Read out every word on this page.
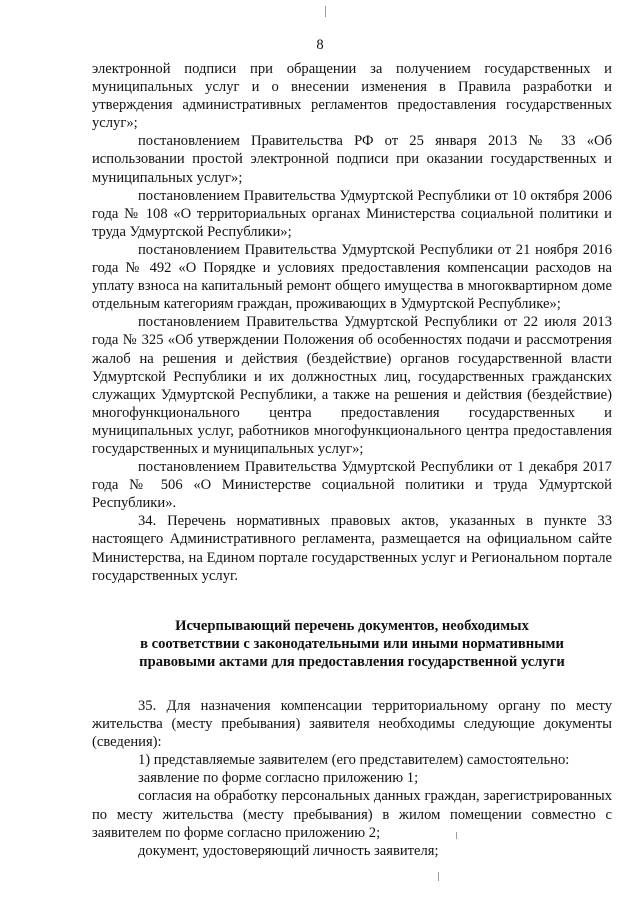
8

электронной подписи при обращении за получением государственных и муниципальных услуг и о внесении изменения в Правила разработки и утверждения административных регламентов предоставления государственных услуг»;

постановлением Правительства РФ от 25 января 2013 № 33 «Об использовании простой электронной подписи при оказании государственных и муниципальных услуг»;

постановлением Правительства Удмуртской Республики от 10 октября 2006 года № 108 «О территориальных органах Министерства социальной политики и труда Удмуртской Республики»;

постановлением Правительства Удмуртской Республики от 21 ноября 2016 года № 492 «О Порядке и условиях предоставления компенсации расходов на уплату взноса на капитальный ремонт общего имущества в многоквартирном доме отдельным категориям граждан, проживающих в Удмуртской Республике»;

постановлением Правительства Удмуртской Республики от 22 июля 2013 года № 325 «Об утверждении Положения об особенностях подачи и рассмотрения жалоб на решения и действия (бездействие) органов государственной власти Удмуртской Республики и их должностных лиц, государственных гражданских служащих Удмуртской Республики, а также на решения и действия (бездействие) многофункционального центра предоставления государственных и муниципальных услуг, работников многофункционального центра предоставления государственных и муниципальных услуг»;

постановлением Правительства Удмуртской Республики от 1 декабря 2017 года № 506 «О Министерстве социальной политики и труда Удмуртской Республики».

34. Перечень нормативных правовых актов, указанных в пункте 33 настоящего Административного регламента, размещается на официальном сайте Министерства, на Едином портале государственных услуг и Региональном портале государственных услуг.

Исчерпывающий перечень документов, необходимых

в соответствии с законодательными или иными нормативными

правовыми актами для предоставления государственной услуги

35. Для назначения компенсации территориальному органу по месту жительства (месту пребывания) заявителя необходимы следующие документы (сведения):

1) представляемые заявителем (его представителем) самостоятельно:

заявление по форме согласно приложению 1;

согласия на обработку персональных данных граждан, зарегистрированных по месту жительства (месту пребывания) в жилом помещении совместно с заявителем по форме согласно приложению 2;

документ, удостоверяющий личность заявителя;
